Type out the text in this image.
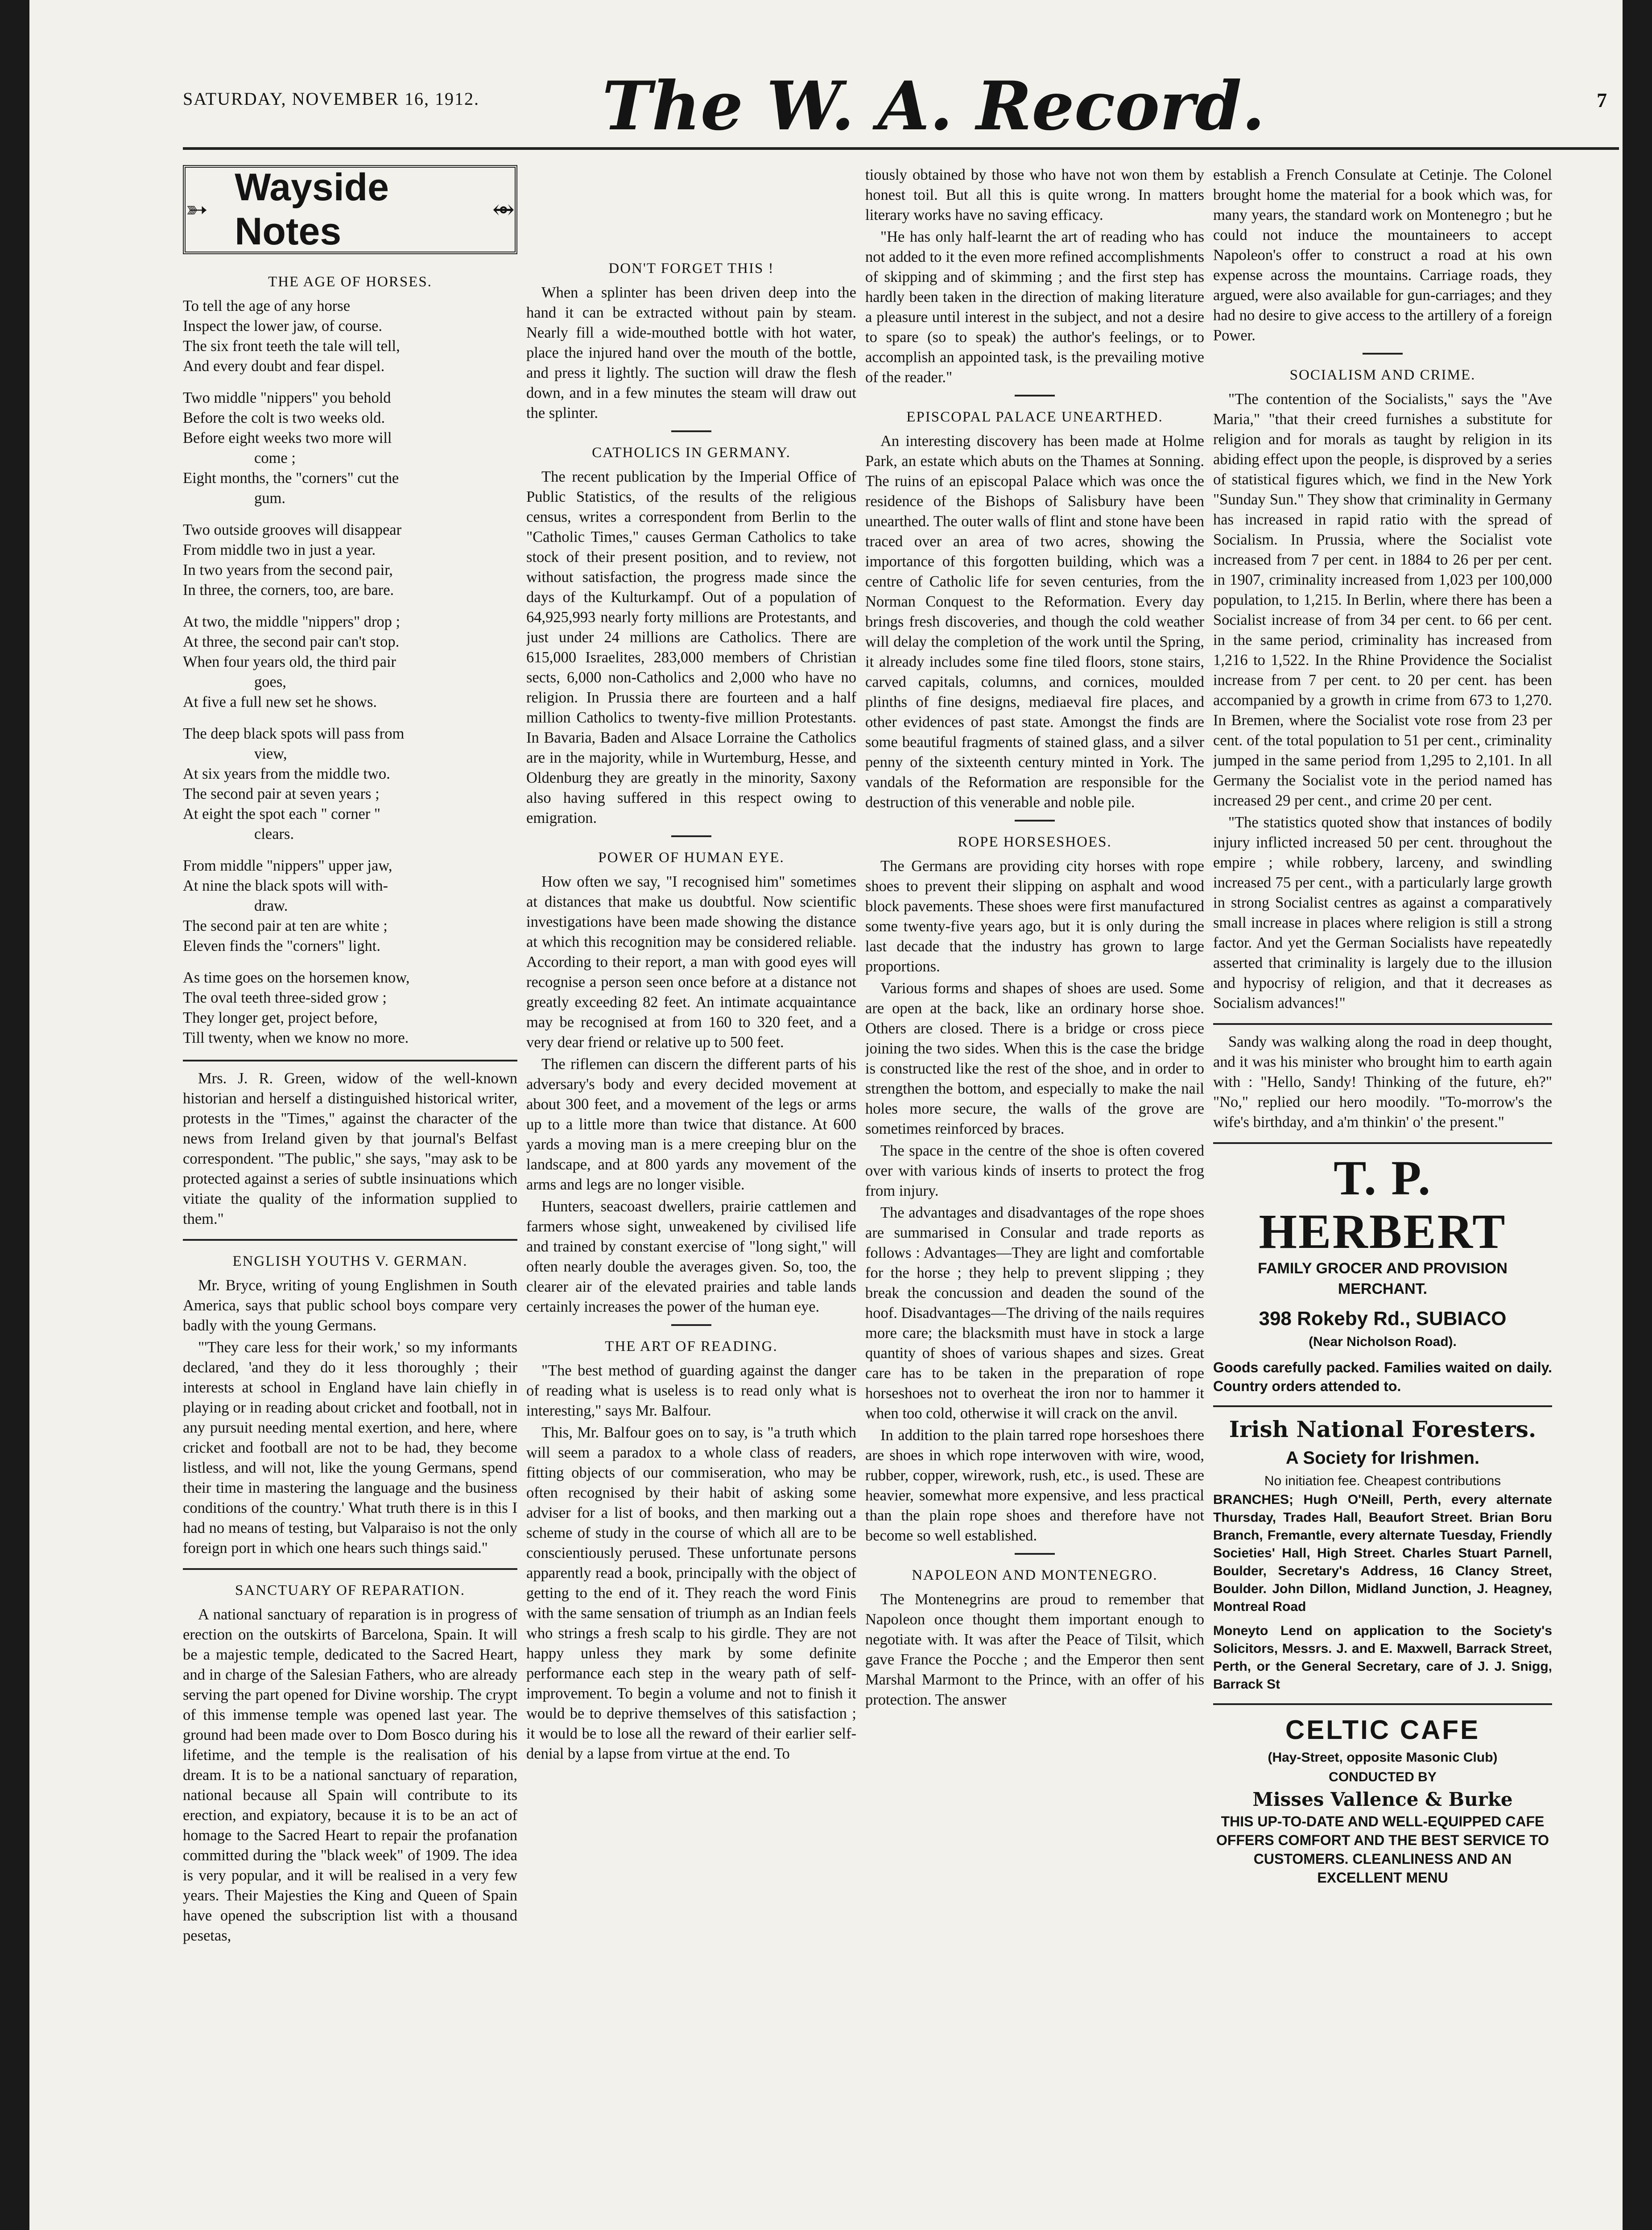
SATURDAY, NOVEMBER 16, 1912. The W. A. Record.	7
➳
Wayside Notes
⥈
THE AGE OF HORSES.
To tell the age of any horse
Inspect the lower jaw, of course.
The six front teeth the tale will tell,
And every doubt and fear dispel.
Two middle "nippers" you behold
Before the colt is two weeks old.
Before eight weeks two more will
come ;
Eight months, the "corners" cut the
gum.
Two outside grooves will disappear
From middle two in just a year.
In two years from the second pair,
In three, the corners, too, are bare.
At two, the middle "nippers" drop ;
At three, the second pair can't stop.
When four years old, the third pair
goes,
At five a full new set he shows.
The deep black spots will pass from
view,
At six years from the middle two.
The second pair at seven years ;
At eight the spot each " corner "
clears.
From middle "nippers" upper jaw,
At nine the black spots will with-
draw.
The second pair at ten are white ;
Eleven finds the "corners" light.
As time goes on the horsemen know,
The oval teeth three-sided grow ;
They longer get, project before,
Till twenty, when we know no more.

Mrs. J. R. Green, widow of the well-known historian and herself a distinguished historical writer, protests in the "Times," against the character of the news from Ireland given by that journal's Belfast correspondent. "The public," she says, "may ask to be protected against a series of subtle insinuations which vitiate the quality of the information supplied to them."

ENGLISH YOUTHS V. GERMAN.

Mr. Bryce, writing of young Englishmen in South America, says that public school boys compare very badly with the young Germans.

"'They care less for their work,' so my informants declared, 'and they do it less thoroughly ; their interests at school in England have lain chiefly in playing or in reading about cricket and football, not in any pursuit needing mental exertion, and here, where cricket and football are not to be had, they become listless, and will not, like the young Germans, spend their time in mastering the language and the business conditions of the country.' What truth there is in this I had no means of testing, but Valparaiso is not the only foreign port in which one hears such things said."

SANCTUARY OF REPARATION.

A national sanctuary of reparation is in progress of erection on the outskirts of Barcelona, Spain. It will be a majestic temple, dedicated to the Sacred Heart, and in charge of the Salesian Fathers, who are already serving the part opened for Divine worship. The crypt of this immense temple was opened last year. The ground had been made over to Dom Bosco during his lifetime, and the temple is the realisation of his dream. It is to be a national sanctuary of reparation, national because all Spain will contribute to its erection, and expiatory, because it is to be an act of homage to the Sacred Heart to repair the profanation committed during the "black week" of 1909. The idea is very popular, and it will be realised in a very few years. Their Majesties the King and Queen of Spain have opened the subscription list with a thousand pesetas,

DON'T FORGET THIS !

When a splinter has been driven deep into the hand it can be extracted without pain by steam. Nearly fill a wide-mouthed bottle with hot water, place the injured hand over the mouth of the bottle, and press it lightly. The suction will draw the flesh down, and in a few minutes the steam will draw out the splinter.

CATHOLICS IN GERMANY.

The recent publication by the Imperial Office of Public Statistics, of the results of the religious census, writes a correspondent from Berlin to the "Catholic Times," causes German Catholics to take stock of their present position, and to review, not without satisfaction, the progress made since the days of the Kulturkampf. Out of a population of 64,925,993 nearly forty millions are Protestants, and just under 24 millions are Catholics. There are 615,000 Israelites, 283,000 members of Christian sects, 6,000 non-Catholics and 2,000 who have no religion. In Prussia there are fourteen and a half million Catholics to twenty-five million Protestants. In Bavaria, Baden and Alsace Lorraine the Catholics are in the majority, while in Wurtemburg, Hesse, and Oldenburg they are greatly in the minority, Saxony also having suffered in this respect owing to emigration.

POWER OF HUMAN EYE.

How often we say, "I recognised him" sometimes at distances that make us doubtful. Now scientific investigations have been made showing the distance at which this recognition may be considered reliable. According to their report, a man with good eyes will recognise a person seen once before at a distance not greatly exceeding 82 feet. An intimate acquaintance may be recognised at from 160 to 320 feet, and a very dear friend or relative up to 500 feet.

The riflemen can discern the different parts of his adversary's body and every decided movement at about 300 feet, and a movement of the legs or arms up to a little more than twice that distance. At 600 yards a moving man is a mere creeping blur on the landscape, and at 800 yards any movement of the arms and legs are no longer visible.

Hunters, seacoast dwellers, prairie cattlemen and farmers whose sight, unweakened by civilised life and trained by constant exercise of "long sight," will often nearly double the averages given. So, too, the clearer air of the elevated prairies and table lands certainly increases the power of the human eye.

THE ART OF READING.

"The best method of guarding against the danger of reading what is useless is to read only what is interesting," says Mr. Balfour.

This, Mr. Balfour goes on to say, is "a truth which will seem a paradox to a whole class of readers, fitting objects of our commiseration, who may be often recognised by their habit of asking some adviser for a list of books, and then marking out a scheme of study in the course of which all are to be conscientiously perused. These unfortunate persons apparently read a book, principally with the object of getting to the end of it. They reach the word Finis with the same sensation of triumph as an Indian feels who strings a fresh scalp to his girdle. They are not happy unless they mark by some definite performance each step in the weary path of self-improvement. To begin a volume and not to finish it would be to deprive themselves of this satisfaction ; it would be to lose all the reward of their earlier self-denial by a lapse from virtue at the end. To

tiously obtained by those who have not won them by honest toil. But all this is quite wrong. In matters literary works have no saving efficacy.

"He has only half-learnt the art of reading who has not added to it the even more refined accomplishments of skipping and of skimming ; and the first step has hardly been taken in the direction of making literature a pleasure until interest in the subject, and not a desire to spare (so to speak) the author's feelings, or to accomplish an appointed task, is the prevailing motive of the reader."

EPISCOPAL PALACE UNEARTHED.

An interesting discovery has been made at Holme Park, an estate which abuts on the Thames at Sonning. The ruins of an episcopal Palace which was once the residence of the Bishops of Salisbury have been unearthed. The outer walls of flint and stone have been traced over an area of two acres, showing the importance of this forgotten building, which was a centre of Catholic life for seven centuries, from the Norman Conquest to the Reformation. Every day brings fresh discoveries, and though the cold weather will delay the completion of the work until the Spring, it already includes some fine tiled floors, stone stairs, carved capitals, columns, and cornices, moulded plinths of fine designs, mediaeval fire places, and other evidences of past state. Amongst the finds are some beautiful fragments of stained glass, and a silver penny of the sixteenth century minted in York. The vandals of the Reformation are responsible for the destruction of this venerable and noble pile.

ROPE HORSESHOES.

The Germans are providing city horses with rope shoes to prevent their slipping on asphalt and wood block pavements. These shoes were first manufactured some twenty-five years ago, but it is only during the last decade that the industry has grown to large proportions.

Various forms and shapes of shoes are used. Some are open at the back, like an ordinary horse shoe. Others are closed. There is a bridge or cross piece joining the two sides. When this is the case the bridge is constructed like the rest of the shoe, and in order to strengthen the bottom, and especially to make the nail holes more secure, the walls of the grove are sometimes reinforced by braces.

The space in the centre of the shoe is often covered over with various kinds of inserts to protect the frog from injury.

The advantages and disadvantages of the rope shoes are summarised in Consular and trade reports as follows : Advantages—They are light and comfortable for the horse ; they help to prevent slipping ; they break the concussion and deaden the sound of the hoof. Disadvantages—The driving of the nails requires more care; the blacksmith must have in stock a large quantity of shoes of various shapes and sizes. Great care has to be taken in the preparation of rope horseshoes not to overheat the iron nor to hammer it when too cold, otherwise it will crack on the anvil.

In addition to the plain tarred rope horseshoes there are shoes in which rope interwoven with wire, wood, rubber, copper, wirework, rush, etc., is used. These are heavier, somewhat more expensive, and less practical than the plain rope shoes and therefore have not become so well established.

NAPOLEON AND MONTENEGRO.

The Montenegrins are proud to remember that Napoleon once thought them important enough to negotiate with. It was after the Peace of Tilsit, which gave France the Pocche ; and the Emperor then sent Marshal Marmont to the Prince, with an offer of his protection. The answer

establish a French Consulate at Cetinje. The Colonel brought home the material for a book which was, for many years, the standard work on Montenegro ; but he could not induce the mountaineers to accept Napoleon's offer to construct a road at his own expense across the mountains. Carriage roads, they argued, were also available for gun-carriages; and they had no desire to give access to the artillery of a foreign Power.

SOCIALISM AND CRIME.

"The contention of the Socialists," says the "Ave Maria," "that their creed furnishes a substitute for religion and for morals as taught by religion in its abiding effect upon the people, is disproved by a series of statistical figures which, we find in the New York "Sunday Sun." They show that criminality in Germany has increased in rapid ratio with the spread of Socialism. In Prussia, where the Socialist vote increased from 7 per cent. in 1884 to 26 per per cent. in 1907, criminality increased from 1,023 per 100,000 population, to 1,215. In Berlin, where there has been a Socialist increase of from 34 per cent. to 66 per cent. in the same period, criminality has increased from 1,216 to 1,522. In the Rhine Providence the Socialist increase from 7 per cent. to 20 per cent. has been accompanied by a growth in crime from 673 to 1,270. In Bremen, where the Socialist vote rose from 23 per cent. of the total population to 51 per cent., criminality jumped in the same period from 1,295 to 2,101. In all Germany the Socialist vote in the period named has increased 29 per cent., and crime 20 per cent.

"The statistics quoted show that instances of bodily injury inflicted increased 50 per cent. throughout the empire ; while robbery, larceny, and swindling increased 75 per cent., with a particularly large growth in strong Socialist centres as against a comparatively small increase in places where religion is still a strong factor. And yet the German Socialists have repeatedly asserted that criminality is largely due to the illusion and hypocrisy of religion, and that it decreases as Socialism advances!"

Sandy was walking along the road in deep thought, and it was his minister who brought him to earth again with : "Hello, Sandy! Thinking of the future, eh?" "No," replied our hero moodily. "To-morrow's the wife's birthday, and a'm thinkin' o' the present."

T. P. HERBERT
FAMILY GROCER AND PROVISION
MERCHANT.
398 Rokeby Rd., SUBIACO
(Near Nicholson Road).
Goods carefully packed. Families waited on daily. Country orders attended to.
Irish National Foresters.
A Society for Irishmen.
No initiation fee. Cheapest contributions
BRANCHES; Hugh O'Neill, Perth, every alternate Thursday, Trades Hall, Beaufort Street. Brian Boru Branch, Fremantle, every alternate Tuesday, Friendly Societies' Hall, High Street. Charles Stuart Parnell, Boulder, Secretary's Address, 16 Clancy Street, Boulder. John Dillon, Midland Junction, J. Heagney, Montreal Road
Moneyto Lend on application to the Society's Solicitors, Messrs. J. and E. Maxwell, Barrack Street, Perth, or the General Secretary, care of J. J. Snigg, Barrack St
CELTIC CAFE
(Hay-Street, opposite Masonic Club)
CONDUCTED BY
Misses Vallence & Burke
THIS UP-TO-DATE AND WELL-EQUIPPED CAFE OFFERS COMFORT AND THE BEST SERVICE TO CUSTOMERS. CLEANLINESS AND AN EXCELLENT MENU
